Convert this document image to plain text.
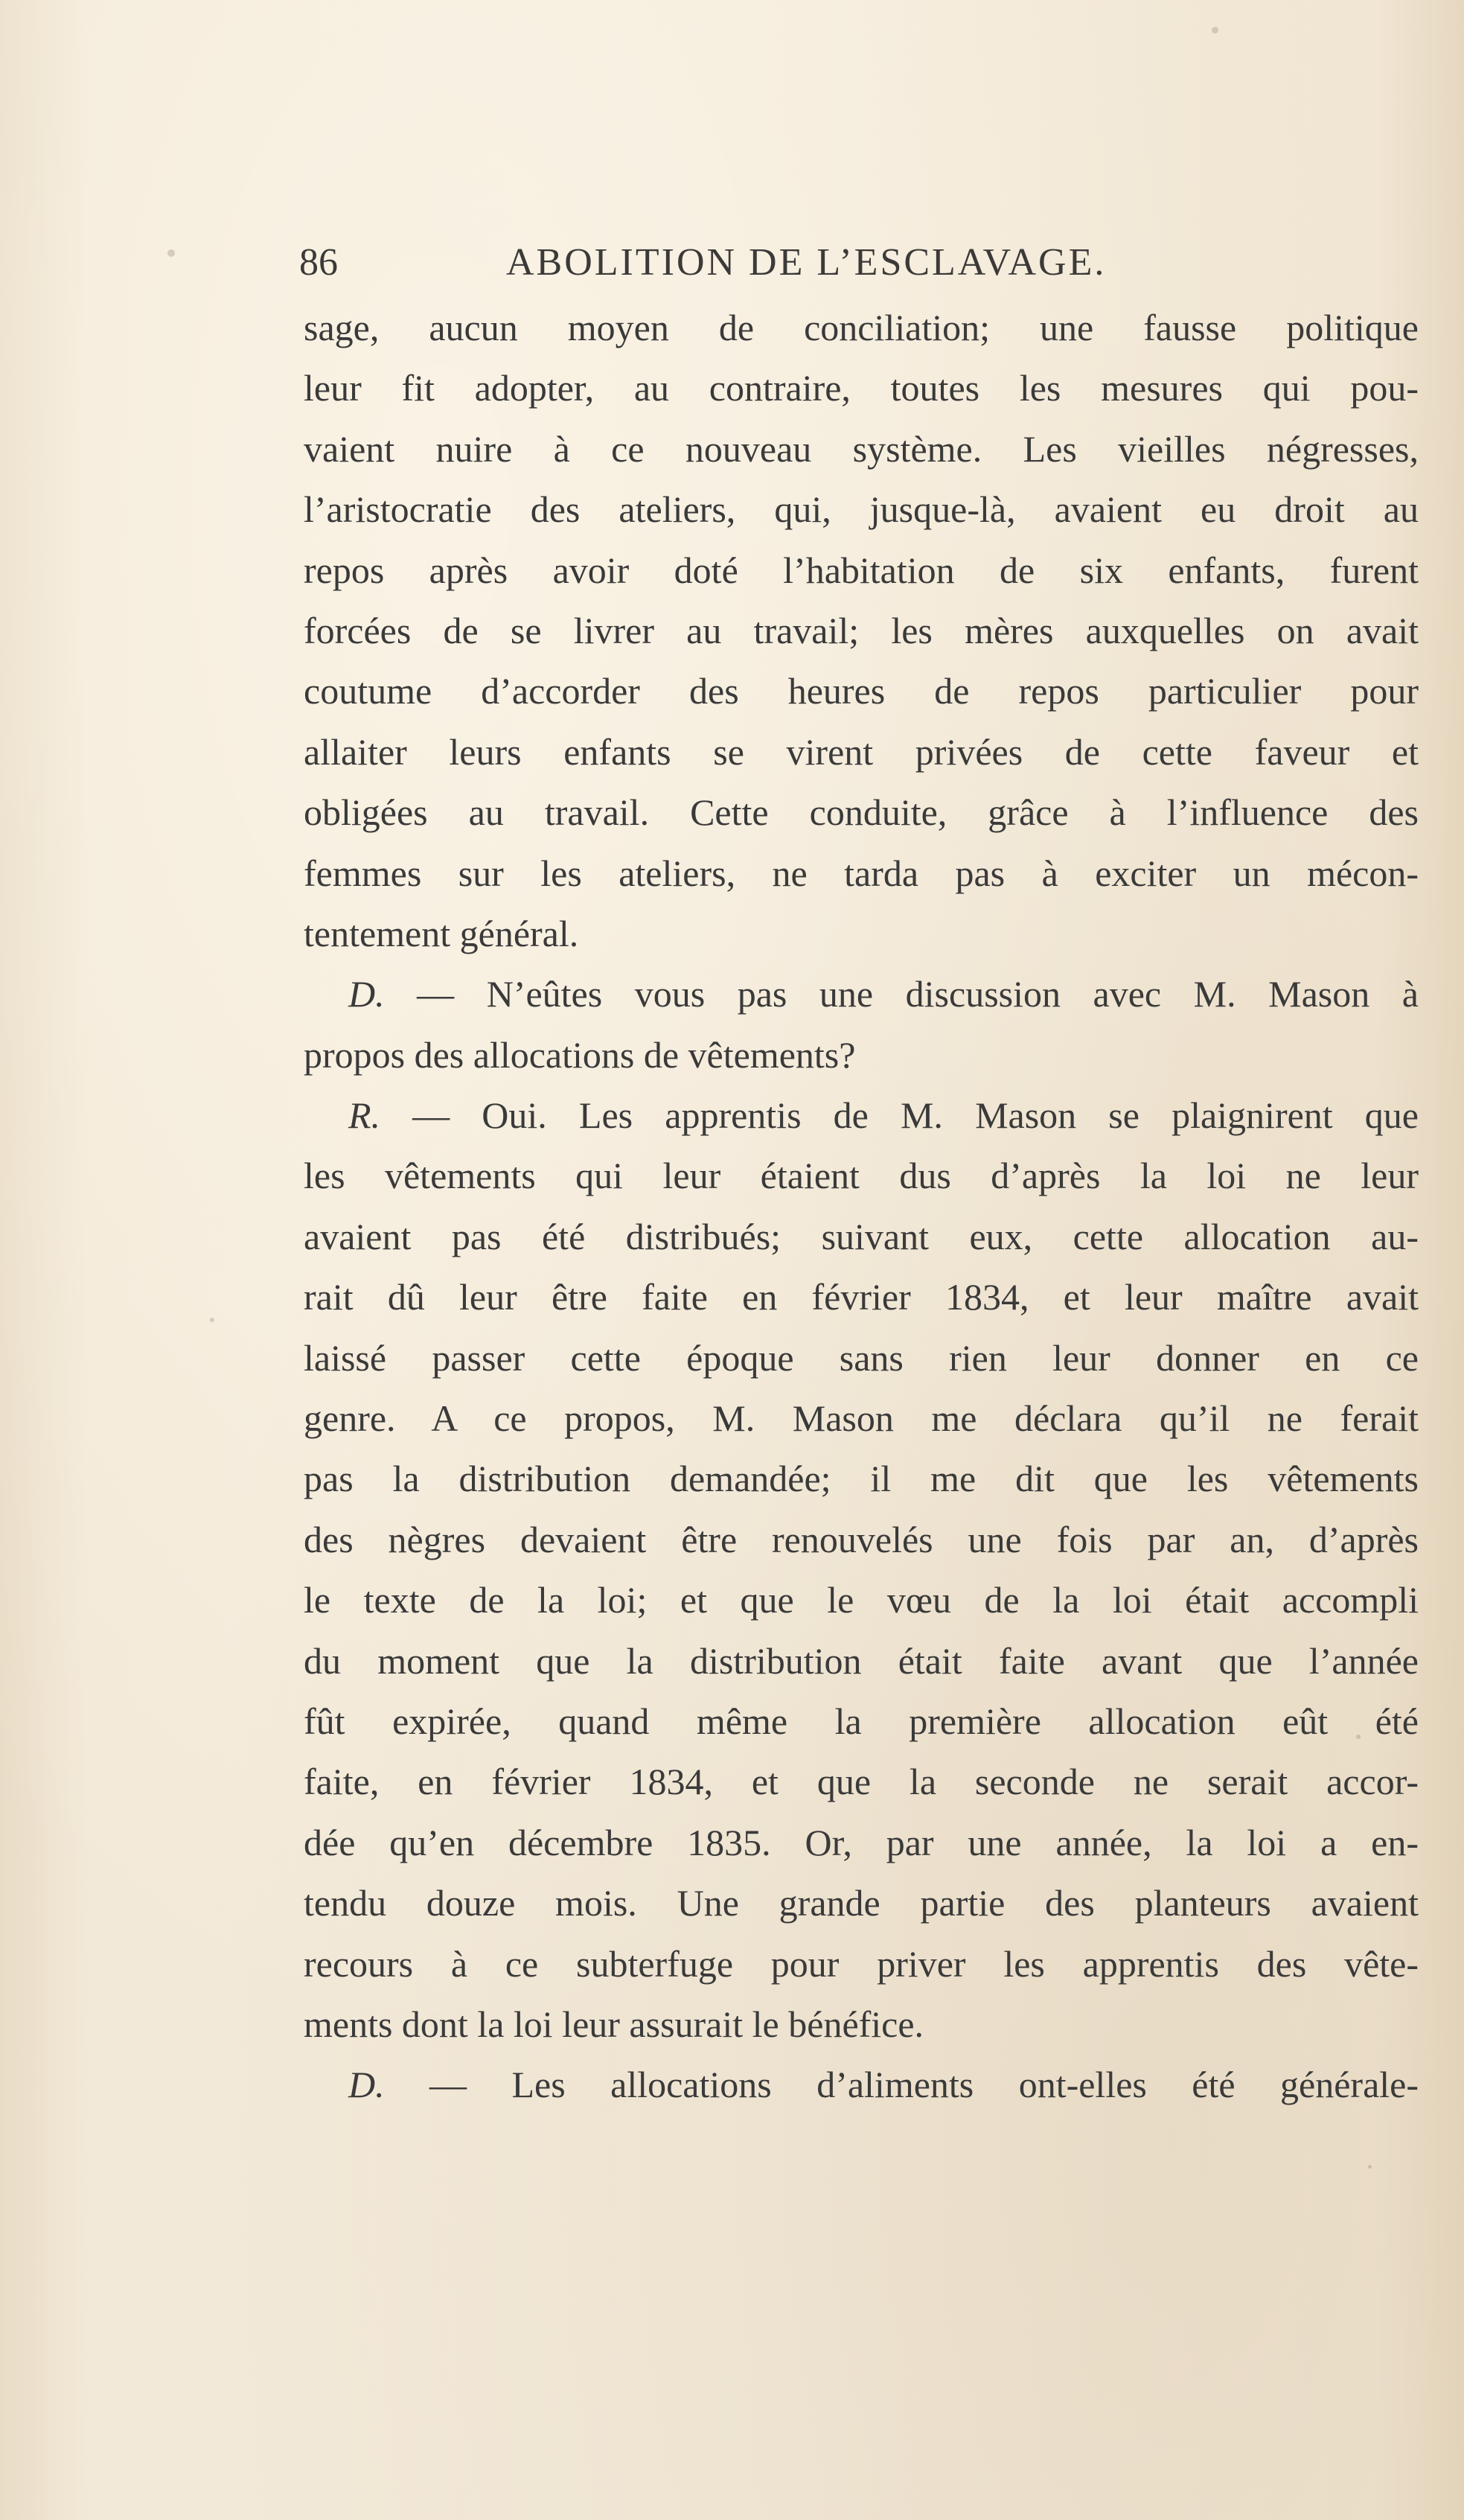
86	ABOLITION DE L’ESCLAVAGE.
sage, aucun moyen de conciliation; une fausse politique
leur fit adopter, au contraire, toutes les mesures qui pou-
vaient nuire à ce nouveau système. Les vieilles négresses,
l’aristocratie des ateliers, qui, jusque-là, avaient eu droit au
repos après avoir doté l’habitation de six enfants, furent
forcées de se livrer au travail; les mères auxquelles on avait
coutume d’accorder des heures de repos particulier pour
allaiter leurs enfants se virent privées de cette faveur et
obligées au travail. Cette conduite, grâce à l’influence des
femmes sur les ateliers, ne tarda pas à exciter un mécon-
tentement général.
D. — N’eûtes vous pas une discussion avec M. Mason à
propos des allocations de vêtements?
R. — Oui. Les apprentis de M. Mason se plaignirent que
les vêtements qui leur étaient dus d’après la loi ne leur
avaient pas été distribués; suivant eux, cette allocation au-
rait dû leur être faite en février 1834, et leur maître avait
laissé passer cette époque sans rien leur donner en ce
genre. A ce propos, M. Mason me déclara qu’il ne ferait
pas la distribution demandée; il me dit que les vêtements
des nègres devaient être renouvelés une fois par an, d’après
le texte de la loi; et que le vœu de la loi était accompli
du moment que la distribution était faite avant que l’année
fût expirée, quand même la première allocation eût été
faite, en février 1834, et que la seconde ne serait accor-
dée qu’en décembre 1835. Or, par une année, la loi a en-
tendu douze mois. Une grande partie des planteurs avaient
recours à ce subterfuge pour priver les apprentis des vête-
ments dont la loi leur assurait le bénéfice.
D. — Les allocations d’aliments ont-elles été générale-
